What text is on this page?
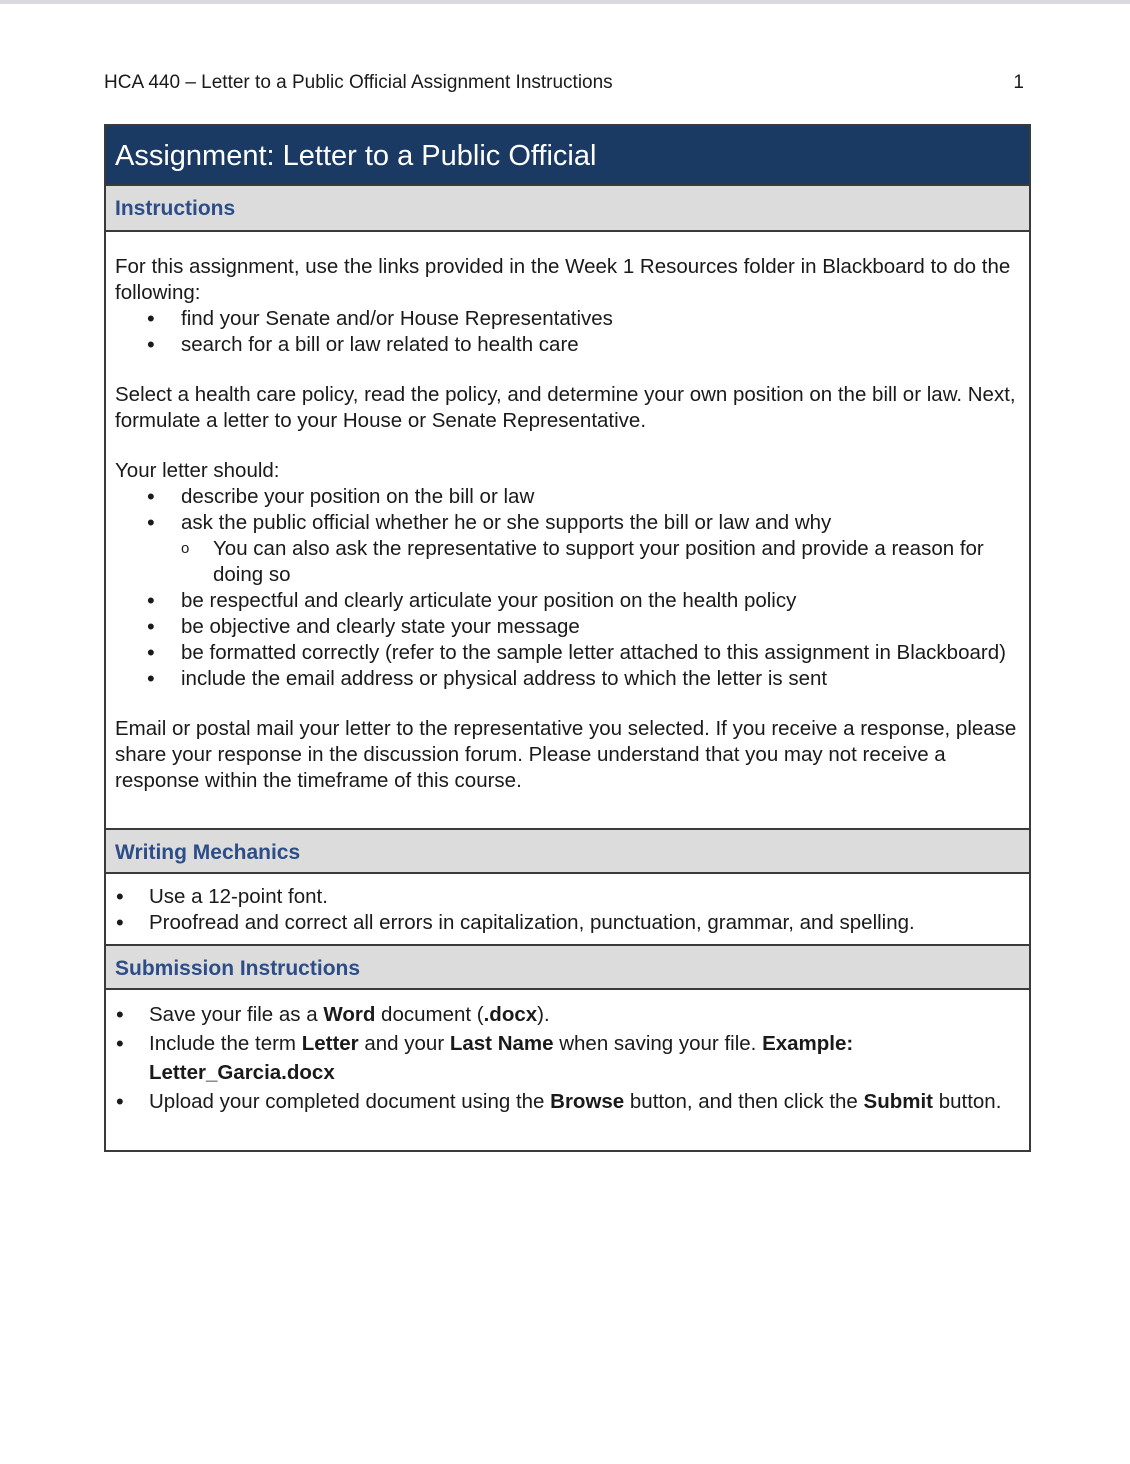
HCA 440 – Letter to a Public Official Assignment Instructions	1
Assignment: Letter to a Public Official
Instructions

For this assignment, use the links provided in the Week 1 Resources folder in Blackboard to do the following:

• find your Senate and/or House Representatives
• search for a bill or law related to health care

Select a health care policy, read the policy, and determine your own position on the bill or law. Next, formulate a letter to your House or Senate Representative.

Your letter should:

• describe your position on the bill or law
• ask the public official whether he or she supports the bill or law and why
o You can also ask the representative to support your position and provide a reason for doing so
• be respectful and clearly articulate your position on the health policy
• be objective and clearly state your message
• be formatted correctly (refer to the sample letter attached to this assignment in Blackboard)
• include the email address or physical address to which the letter is sent

Email or postal mail your letter to the representative you selected. If you receive a response, please share your response in the discussion forum. Please understand that you may not receive a response within the timeframe of this course.

Writing Mechanics
• Use a 12-point font.
• Proofread and correct all errors in capitalization, punctuation, grammar, and spelling.
Submission Instructions
• Save your file as a Word document (.docx).
• Include the term Letter and your Last Name when saving your file. Example:
Letter_Garcia.docx
• Upload your completed document using the Browse button, and then click the Submit button.
